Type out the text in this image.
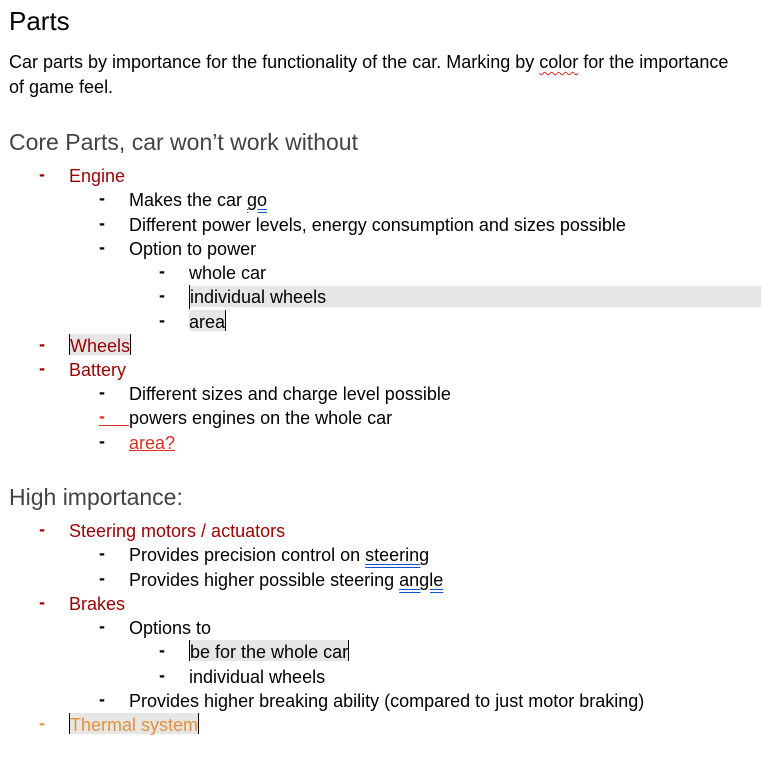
Parts
Car parts by importance for the functionality of the car. Marking by color for the importance
of game feel.
Core Parts, car won’t work without
- Engine
- Makes the car go
- Different power levels, energy consumption and sizes possible
- Option to power
- whole car
- individual wheels
- area
- Wheels
- Battery
- Different sizes and charge level possible
- powers engines on the whole car
- area?
High importance:
- Steering motors / actuators
- Provides precision control on steering
- Provides higher possible steering angle
- Brakes
- Options to
- be for the whole car
- individual wheels
- Provides higher breaking ability (compared to just motor braking)
- Thermal system
